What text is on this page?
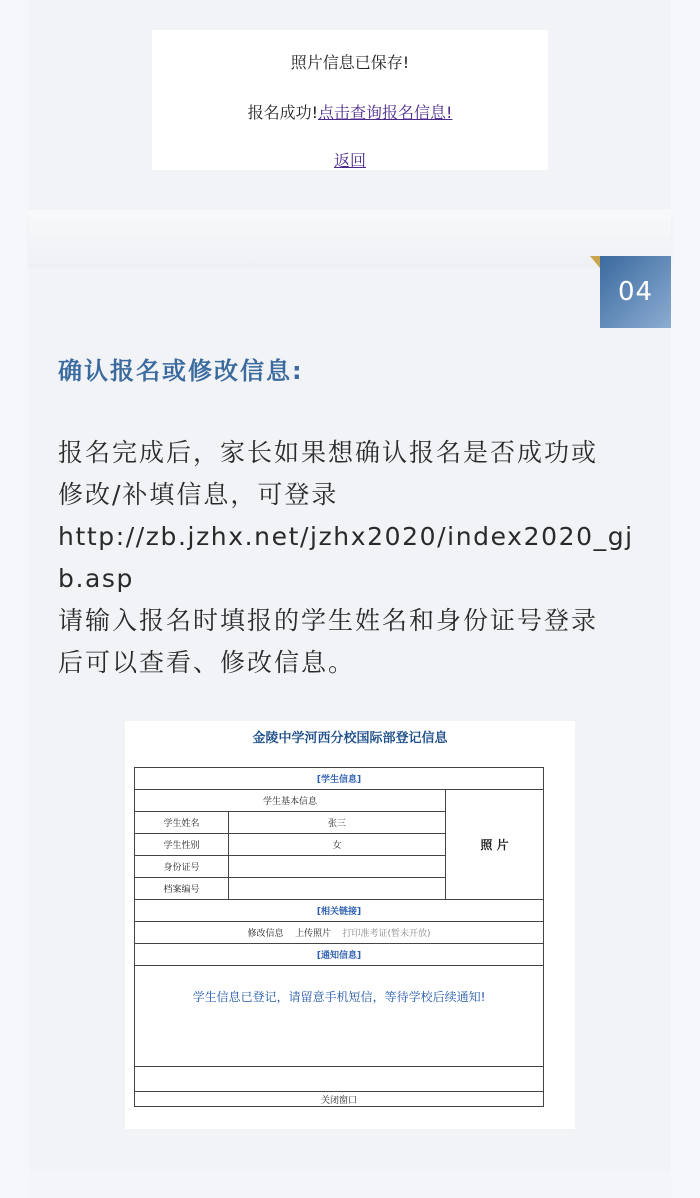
照片信息已保存!
报名成功!点击查询报名信息!
返回
04
确认报名或修改信息:

报名完成后，家长如果想确认报名是否成功或

修改/补填信息，可登录

http://zb.jzhx.net/jzhx2020/index2020_gj

b.asp

请输入报名时填报的学生姓名和身份证号登录

后可以查看、修改信息。

金陵中学河西分校国际部登记信息
[学生信息]		
学生基本信息		照 片
学生姓名	张三	
学生性别	女	
身份证号		
档案编号		
[相关链接]		
修改信息 上传照片 打印准考证(暂未开放)		
[通知信息]		

学生信息已登记，请留意手机短信，等待学校后续通知!		

关闭窗口		
